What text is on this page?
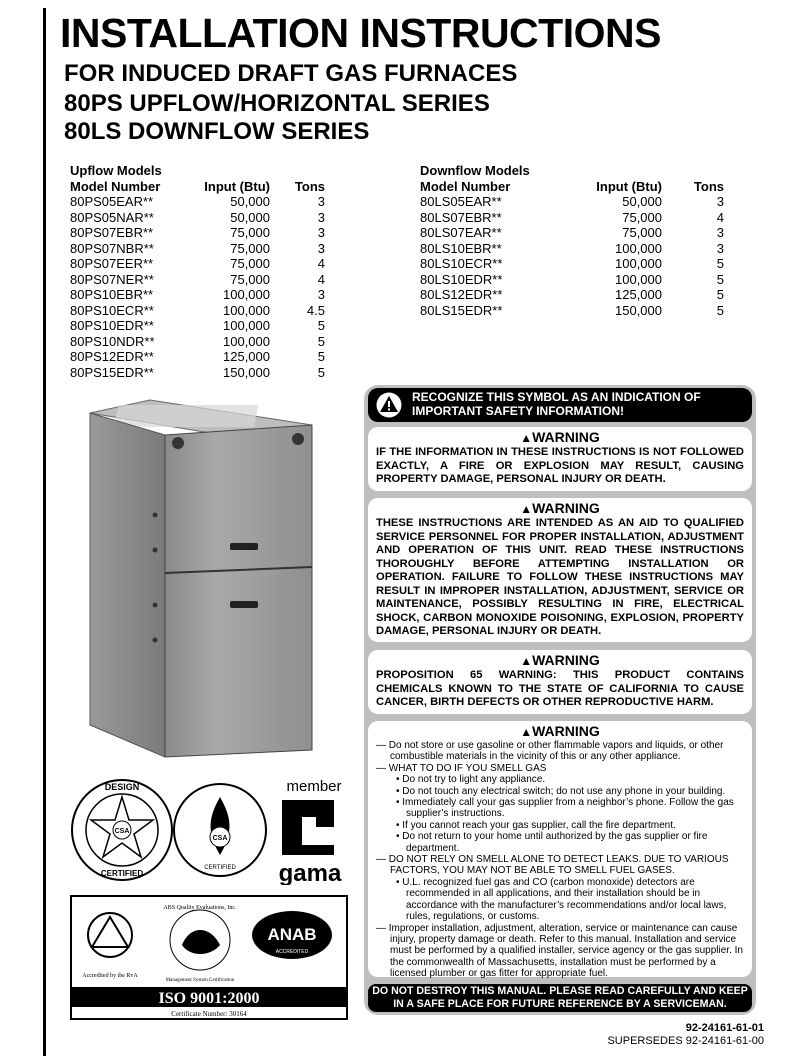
INSTALLATION INSTRUCTIONS
FOR INDUCED DRAFT GAS FURNACES
80PS UPFLOW/HORIZONTAL SERIES
80LS DOWNFLOW SERIES
Upflow Models
Model Number	Input (Btu)	Tons
80PS05EAR**	50,000	3
80PS05NAR**	50,000	3
80PS07EBR**	75,000	3
80PS07NBR**	75,000	3
80PS07EER**	75,000	4
80PS07NER**	75,000	4
80PS10EBR**	100,000	3
80PS10ECR**	100,000	4.5
80PS10EDR**	100,000	5
80PS10NDR**	100,000	5
80PS12EDR**	125,000	5
80PS15EDR**	150,000	5
Downflow Models
Model Number	Input (Btu)	Tons
80LS05EAR**	50,000	3
80LS07EBR**	75,000	4
80LS07EAR**	75,000	3
80LS10EBR**	100,000	3
80LS10ECR**	100,000	5
80LS10EDR**	100,000	5
80LS12EDR**	125,000	5
80LS15EDR**	150,000	5
DESIGN
CERTIFIED
CSA
CSA
CERTIFIED
member
gama
Accredited by the RvA
ABS Quality Evaluations, Inc.
Management System Certification
ANAB
ACCREDITED
ISO 9001:2000
Certificate Number: 30164
RECOGNIZE THIS SYMBOL AS AN INDICATION OF IMPORTANT SAFETY INFORMATION!
▲WARNING
IF THE INFORMATION IN THESE INSTRUCTIONS IS NOT FOLLOWED EXACTLY, A FIRE OR EXPLOSION MAY RESULT, CAUSING PROPERTY DAMAGE, PERSONAL INJURY OR DEATH.
▲WARNING
THESE INSTRUCTIONS ARE INTENDED AS AN AID TO QUALIFIED SERVICE PERSONNEL FOR PROPER INSTALLATION, ADJUSTMENT AND OPERATION OF THIS UNIT. READ THESE INSTRUCTIONS THOROUGHLY BEFORE ATTEMPTING INSTALLATION OR OPERATION. FAILURE TO FOLLOW THESE INSTRUCTIONS MAY RESULT IN IMPROPER INSTALLATION, ADJUSTMENT, SERVICE OR MAINTENANCE, POSSIBLY RESULTING IN FIRE, ELECTRICAL SHOCK, CARBON MONOXIDE POISONING, EXPLOSION, PROPERTY DAMAGE, PERSONAL INJURY OR DEATH.
▲WARNING
PROPOSITION 65 WARNING: THIS PRODUCT CONTAINS CHEMICALS KNOWN TO THE STATE OF CALIFORNIA TO CAUSE CANCER, BIRTH DEFECTS OR OTHER REPRODUCTIVE HARM.
▲WARNING
— Do not store or use gasoline or other flammable vapors and liquids, or other combustible materials in the vicinity of this or any other appliance.
— WHAT TO DO IF YOU SMELL GAS
• Do not try to light any appliance.
• Do not touch any electrical switch; do not use any phone in your building.
• Immediately call your gas supplier from a neighbor’s phone. Follow the gas supplier’s instructions.
• If you cannot reach your gas supplier, call the fire department.
• Do not return to your home until authorized by the gas supplier or fire department.
— DO NOT RELY ON SMELL ALONE TO DETECT LEAKS. DUE TO VARIOUS FACTORS, YOU MAY NOT BE ABLE TO SMELL FUEL GASES.
• U.L. recognized fuel gas and CO (carbon monoxide) detectors are recommended in all applications, and their installation should be in accordance with the manufacturer’s recommendations and/or local laws, rules, regulations, or customs.
— Improper installation, adjustment, alteration, service or maintenance can cause injury, property damage or death. Refer to this manual. Installation and service must be performed by a qualified installer, service agency or the gas supplier. In the commonwealth of Massachusetts, installation must be performed by a licensed plumber or gas fitter for appropriate fuel.
DO NOT DESTROY THIS MANUAL. PLEASE READ CAREFULLY AND KEEP IN A SAFE PLACE FOR FUTURE REFERENCE BY A SERVICEMAN.
92-24161-61-01
SUPERSEDES 92-24161-61-00
